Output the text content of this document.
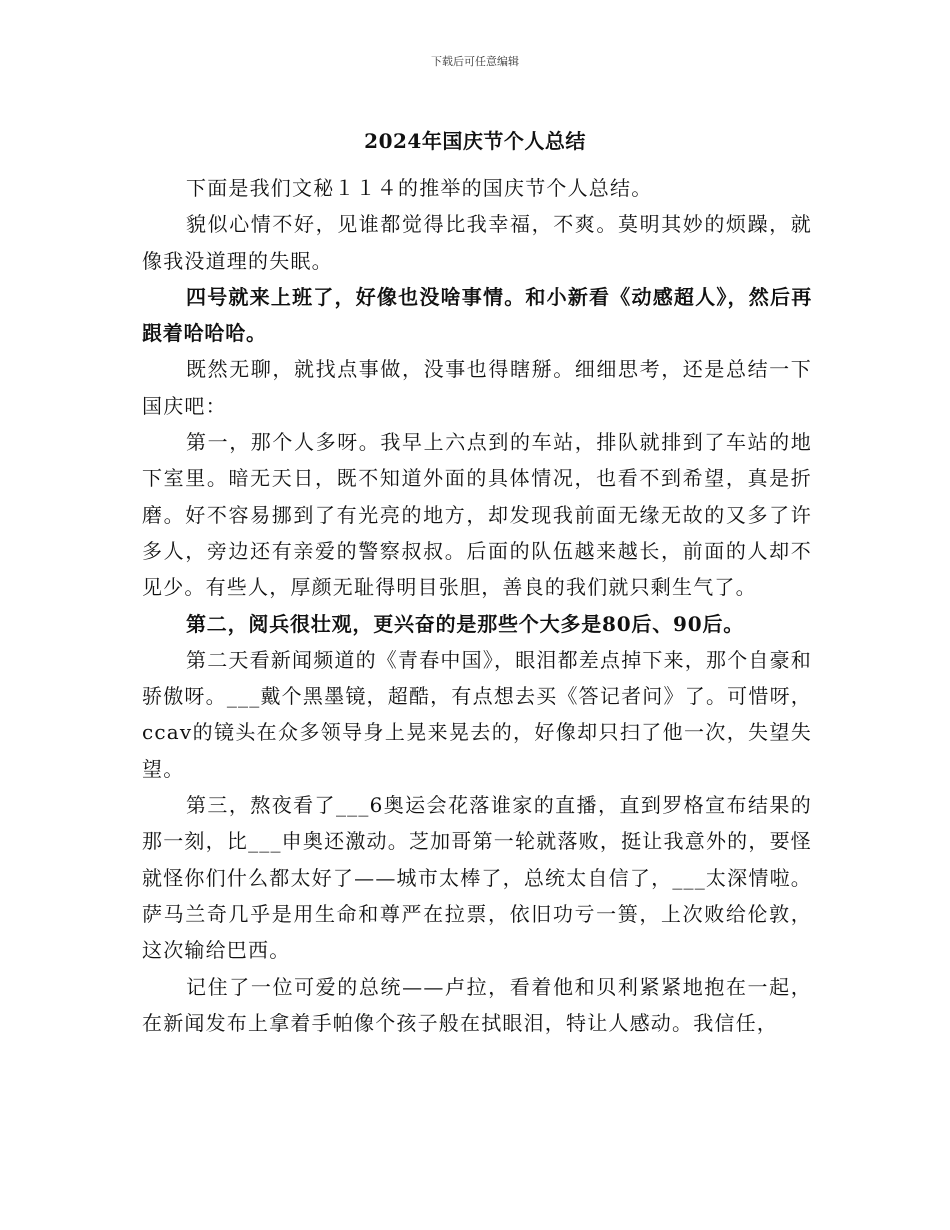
下载后可任意编辑
2024年国庆节个人总结

下面是我们文秘１１４的推举的国庆节个人总结。

貌似心情不好，见谁都觉得比我幸福，不爽。莫明其妙的烦躁，就像我没道理的失眠。

四号就来上班了，好像也没啥事情。和小新看《动感超人》，然后再跟着哈哈哈。

既然无聊，就找点事做，没事也得瞎掰。细细思考，还是总结一下国庆吧：

第一，那个人多呀。我早上六点到的车站，排队就排到了车站的地下室里。暗无天日，既不知道外面的具体情况，也看不到希望，真是折磨。好不容易挪到了有光亮的地方，却发现我前面无缘无故的又多了许多人，旁边还有亲爱的警察叔叔。后面的队伍越来越长，前面的人却不见少。有些人，厚颜无耻得明目张胆，善良的我们就只剩生气了。

第二，阅兵很壮观，更兴奋的是那些个大多是80后、90后。

第二天看新闻频道的《青春中国》，眼泪都差点掉下来，那个自豪和骄傲呀。___戴个黑墨镜，超酷，有点想去买《答记者问》了。可惜呀，ccav的镜头在众多领导身上晃来晃去的，好像却只扫了他一次，失望失望。

第三，熬夜看了___6奥运会花落谁家的直播，直到罗格宣布结果的那一刻，比___申奥还激动。芝加哥第一轮就落败，挺让我意外的，要怪就怪你们什么都太好了——城市太棒了，总统太自信了，___太深情啦。萨马兰奇几乎是用生命和尊严在拉票，依旧功亏一篑，上次败给伦敦，这次输给巴西。

记住了一位可爱的总统——卢拉，看着他和贝利紧紧地抱在一起，在新闻发布上拿着手帕像个孩子般在拭眼泪，特让人感动。我信任，
